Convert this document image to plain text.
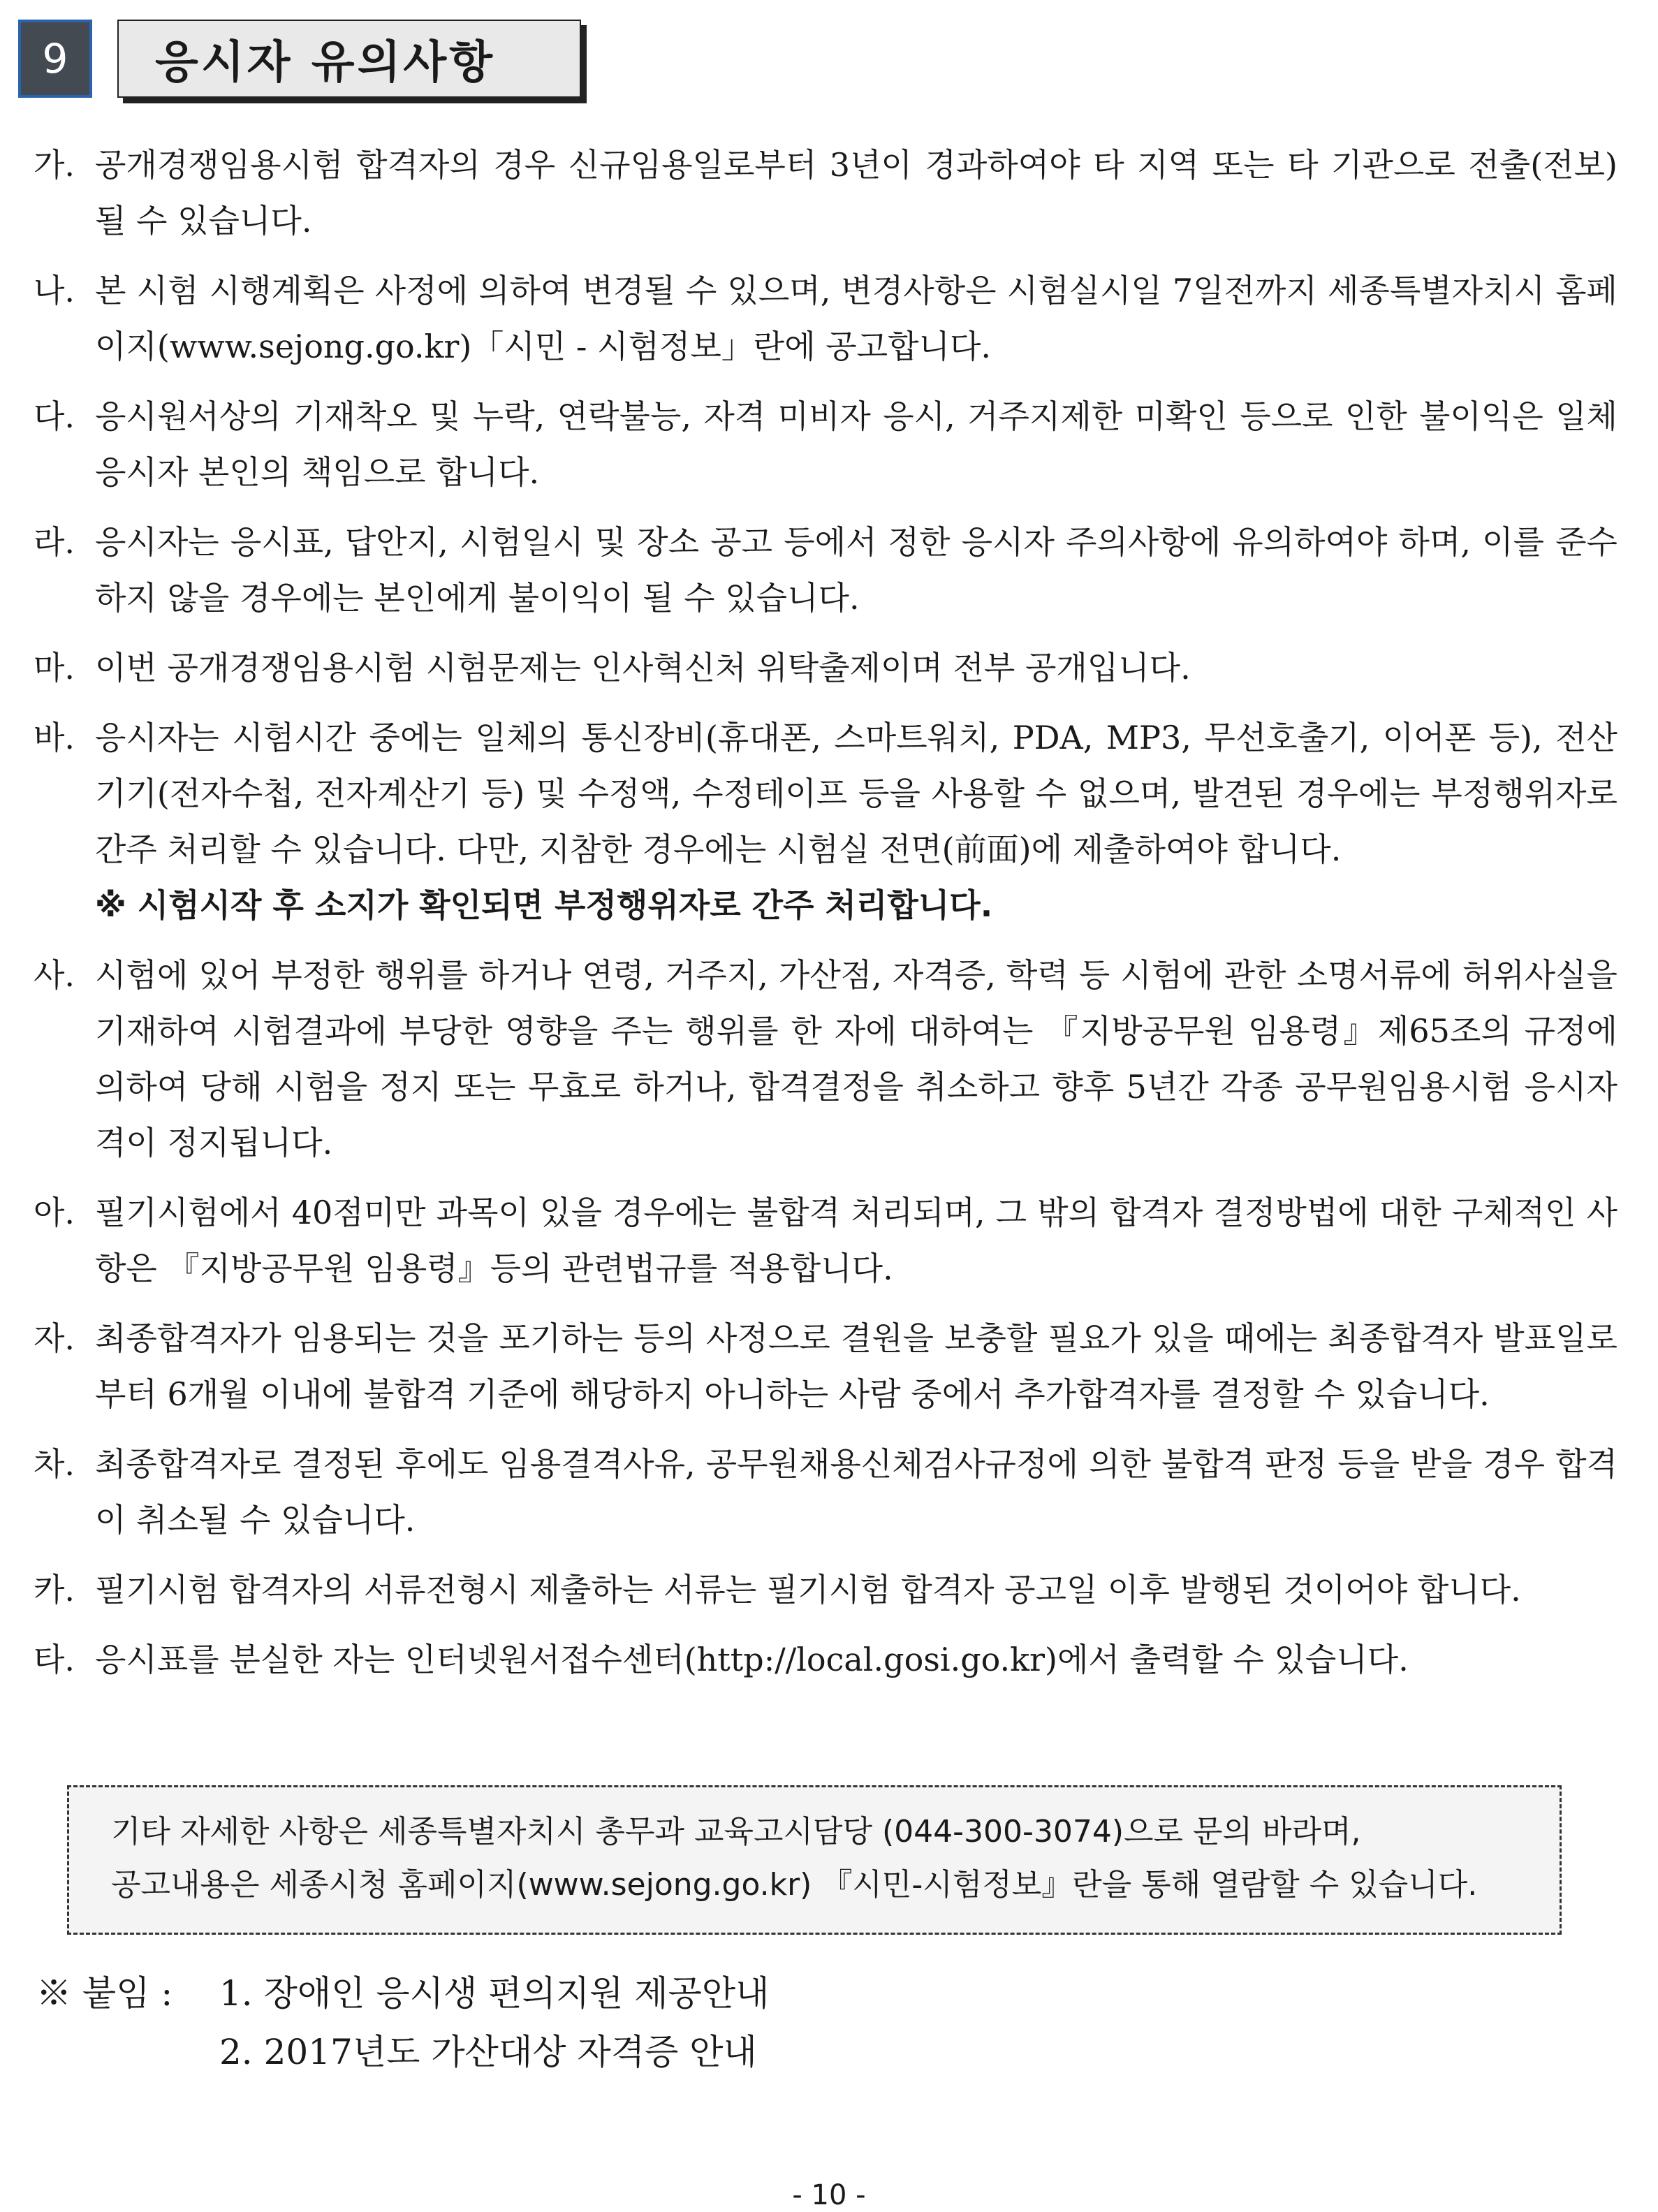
9	응시자 유의사항
가. 공개경쟁임용시험 합격자의 경우 신규임용일로부터 3년이 경과하여야 타 지역 또는 타 기관으로 전출(전보)될 수 있습니다.
나. 본 시험 시행계획은 사정에 의하여 변경될 수 있으며, 변경사항은 시험실시일 7일전까지 세종특별자치시 홈페이지(www.sejong.go.kr)「시민 - 시험정보」란에 공고합니다.
다. 응시원서상의 기재착오 및 누락, 연락불능, 자격 미비자 응시, 거주지제한 미확인 등으로 인한 불이익은 일체 응시자 본인의 책임으로 합니다.
라. 응시자는 응시표, 답안지, 시험일시 및 장소 공고 등에서 정한 응시자 주의사항에 유의하여야 하며, 이를 준수하지 않을 경우에는 본인에게 불이익이 될 수 있습니다.
마. 이번 공개경쟁임용시험 시험문제는 인사혁신처 위탁출제이며 전부 공개입니다.
바. 응시자는 시험시간 중에는 일체의 통신장비(휴대폰, 스마트워치, PDA, MP3, 무선호출기, 이어폰 등), 전산기기(전자수첩, 전자계산기 등) 및 수정액, 수정테이프 등을 사용할 수 없으며, 발견된 경우에는 부정행위자로 간주 처리할 수 있습니다. 다만, 지참한 경우에는 시험실 전면(前面)에 제출하여야 합니다.
※ 시험시작 후 소지가 확인되면 부정행위자로 간주 처리합니다.
사. 시험에 있어 부정한 행위를 하거나 연령, 거주지, 가산점, 자격증, 학력 등 시험에 관한 소명서류에 허위사실을 기재하여 시험결과에 부당한 영향을 주는 행위를 한 자에 대하여는 『지방공무원 임용령』제65조의 규정에 의하여 당해 시험을 정지 또는 무효로 하거나, 합격결정을 취소하고 향후 5년간 각종 공무원임용시험 응시자격이 정지됩니다.
아. 필기시험에서 40점미만 과목이 있을 경우에는 불합격 처리되며, 그 밖의 합격자 결정방법에 대한 구체적인 사항은 『지방공무원 임용령』등의 관련법규를 적용합니다.
자. 최종합격자가 임용되는 것을 포기하는 등의 사정으로 결원을 보충할 필요가 있을 때에는 최종합격자 발표일로부터 6개월 이내에 불합격 기준에 해당하지 아니하는 사람 중에서 추가합격자를 결정할 수 있습니다.
차. 최종합격자로 결정된 후에도 임용결격사유, 공무원채용신체검사규정에 의한 불합격 판정 등을 받을 경우 합격이 취소될 수 있습니다.
카. 필기시험 합격자의 서류전형시 제출하는 서류는 필기시험 합격자 공고일 이후 발행된 것이어야 합니다.
타. 응시표를 분실한 자는 인터넷원서접수센터(http://local.gosi.go.kr)에서 출력할 수 있습니다.
기타 자세한 사항은 세종특별자치시 총무과 교육고시담당 (044-300-3074)으로 문의 바라며,
공고내용은 세종시청 홈페이지(www.sejong.go.kr) 『시민-시험정보』란을 통해 열람할 수 있습니다.
※ 붙임 : 1. 장애인 응시생 편의지원 제공안내
2. 2017년도 가산대상 자격증 안내
- 10 -
